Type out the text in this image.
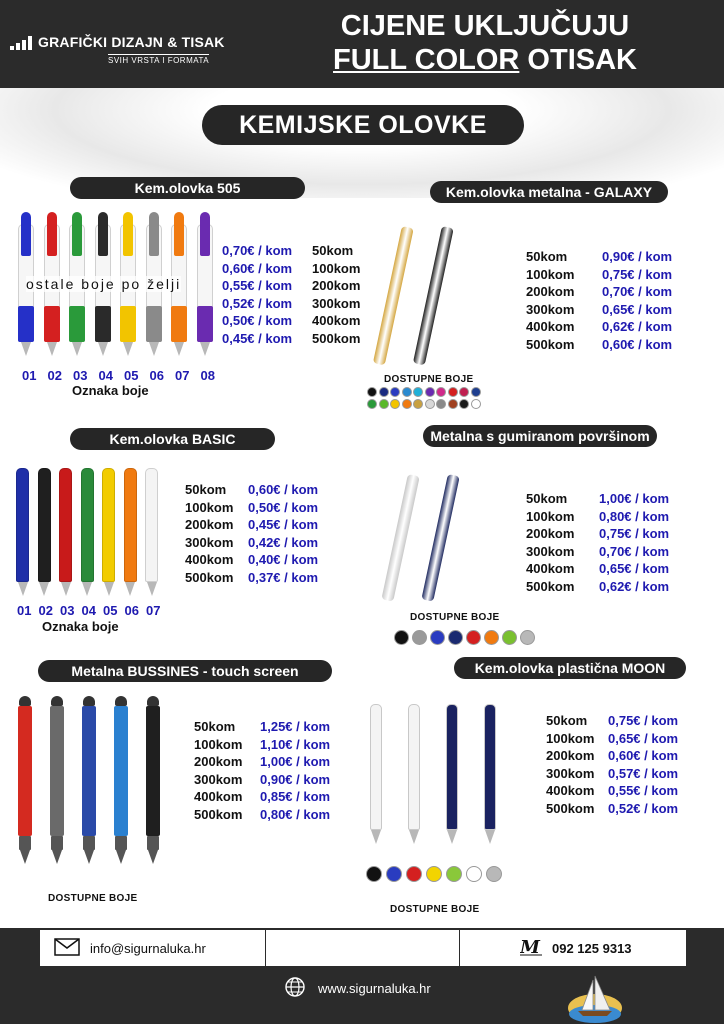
GRAFIČKI DIZAJN & TISAK
SVIH VRSTA I FORMATA
CIJENE UKLJUČUJU
FULL COLOR OTISAK
KEMIJSKE OLOVKE
Kem.olovka 505
ostale boje po želji
01 02 03 04 05 06 07 08
Oznaka boje
0,70€ / kom	50kom
0,60€ / kom	100kom
0,55€ / kom	200kom
0,52€ / kom	300kom
0,50€ / kom	400kom
0,45€ / kom	500kom
Kem.olovka metalna - GALAXY
DOSTUPNE BOJE
50kom	0,90€ / kom
100kom	0,75€ / kom
200kom	0,70€ / kom
300kom	0,65€ / kom
400kom	0,62€ / kom
500kom	0,60€ / kom
Kem.olovka BASIC
01 02 03 04 05 06 07
Oznaka boje
50kom	0,60€ / kom
100kom	0,50€ / kom
200kom	0,45€ / kom
300kom	0,42€ / kom
400kom	0,40€ / kom
500kom	0,37€ / kom
Metalna s gumiranom površinom
DOSTUPNE BOJE
50kom	1,00€ / kom
100kom	0,80€ / kom
200kom	0,75€ / kom
300kom	0,70€ / kom
400kom	0,65€ / kom
500kom	0,62€ / kom
Metalna BUSSINES - touch screen
DOSTUPNE BOJE
50kom	1,25€ / kom
100kom	1,10€ / kom
200kom	1,00€ / kom
300kom	0,90€ / kom
400kom	0,85€ / kom
500kom	0,80€ / kom
Kem.olovka plastična MOON
DOSTUPNE BOJE
50kom	0,75€ / kom
100kom	0,65€ / kom
200kom	0,60€ / kom
300kom	0,57€ / kom
400kom	0,55€ / kom
500kom	0,52€ / kom
info@sigurnaluka.hr	M 092 125 9313
www.sigurnaluka.hr
